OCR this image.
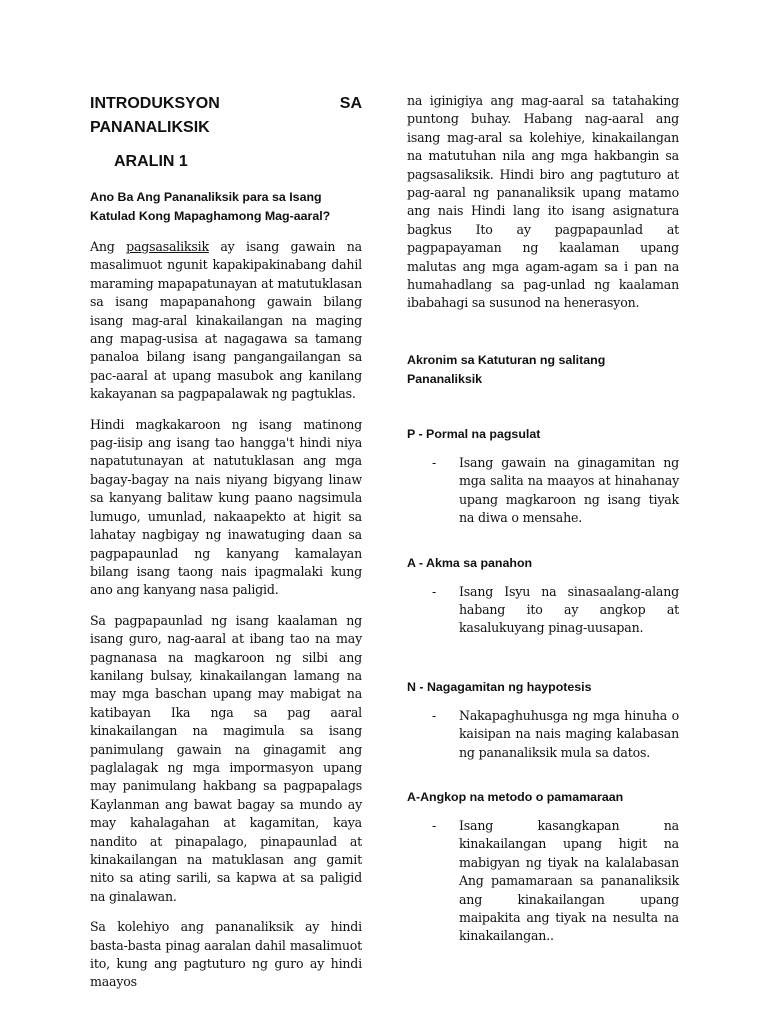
INTRODUKSYON	SA
PANANALIKSIK
ARALIN 1
Ano Ba Ang Pananaliksik para sa Isang Katulad Kong Mapaghamong Mag-aaral?

Ang pagsasaliksik ay isang gawain na masalimuot ngunit kapakipakinabang dahil maraming mapapatunayan at matutuklasan sa isang mapapanahong gawain bilang isang mag-aral kinakailangan na maging ang mapag-usisa at nagagawa sa tamang panaloa bilang isang pangangailangan sa pac-aaral at upang masubok ang kanilang kakayanan sa pagpapalawak ng pagtuklas.

Hindi magkakaroon ng isang matinong pag-iisip ang isang tao hangga't hindi niya napatutunayan at natutuklasan ang mga bagay-bagay na nais niyang bigyang linaw sa kanyang balitaw kung paano nagsimula lumugo, umunlad, nakaapekto at higit sa lahatay nagbigay ng inawatuging daan sa pagpapaunlad ng kanyang kamalayan bilang isang taong nais ipagmalaki kung ano ang kanyang nasa paligid.

Sa pagpapaunlad ng isang kaalaman ng isang guro, nag-aaral at ibang tao na may pagnanasa na magkaroon ng silbi ang kanilang bulsay, kinakailangan lamang na may mga baschan upang may mabigat na katibayan Ika nga sa pag aaral kinakailangan na magimula sa isang panimulang gawain na ginagamit ang paglalagak ng mga impormasyon upang may panimulang hakbang sa pagpapalags Kaylanman ang bawat bagay sa mundo ay may kahalagahan at kagamitan, kaya nandito at pinapalago, pinapaunlad at kinakailangan na matuklasan ang gamit nito sa ating sarili, sa kapwa at sa paligid na ginalawan.

Sa kolehiyo ang pananaliksik ay hindi basta-basta pinag aaralan dahil masalimuot ito, kung ang pagtuturo ng guro ay hindi maayos

na iginigiya ang mag-aaral sa tatahaking puntong buhay. Habang nag-aaral ang isang mag-aral sa kolehiye, kinakailangan na matutuhan nila ang mga hakbangin sa pagsasaliksik. Hindi biro ang pagtuturo at pag-aaral ng pananaliksik upang matamo ang nais Hindi lang ito isang asignatura bagkus Ito ay pagpapaunlad at pagpapayaman ng kaalaman upang malutas ang mga agam-agam sa i pan na humahadlang sa pag-unlad ng kaalaman ibabahagi sa susunod na henerasyon.

Akronim sa Katuturan ng salitang Pananaliksik
P - Pormal na pagsulat
-	Isang gawain na ginagamitan ng mga salita na maayos at hinahanay upang magkaroon ng isang tiyak na diwa o mensahe.
A - Akma sa panahon
-	Isang Isyu na sinasaalang-alang habang ito ay angkop at kasalukuyang pinag-uusapan.
N - Nagagamitan ng haypotesis
-	Nakapaghuhusga ng mga hinuha o kaisipan na nais maging kalabasan ng pananaliksik mula sa datos.
A-Angkop na metodo o pamamaraan
-	Isang kasangkapan na kinakailangan upang higit na mabigyan ng tiyak na kalalabasan Ang pamamaraan sa pananaliksik ang kinakailangan upang maipakita ang tiyak na nesulta na kinakailangan..
